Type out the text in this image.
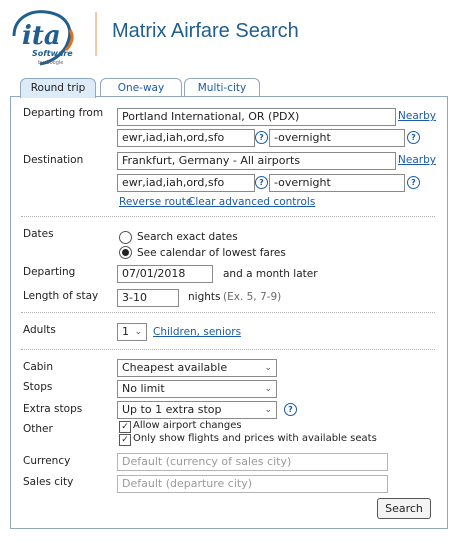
ita
Software
by Google
Matrix Airfare Search
Round trip	One-way	Multi-city
Departing from	Portland International, OR (PDX)	Nearby
ewr,iad,iah,ord,sfo	? -overnight	?
Destination	Frankfurt, Germany - All airports	Nearby
ewr,iad,iah,ord,sfo	? -overnight	?
Reverse route
Clear advanced controls
Dates	Search exact dates
See calendar of lowest fares
Departing	07/01/2018	and a month later
Length of stay	3-10	nights (Ex. 5, 7-9)
Adults	1 ⌄ Children, seniors
Cabin	Cheapest available	⌄
Stops	No limit	⌄
Extra stops	Up to 1 extra stop	⌄	?
Other	✓ Allow airport changes
✓ Only show flights and prices with available seats
Currency	Default (currency of sales city)
Sales city	Default (departure city)
Search
